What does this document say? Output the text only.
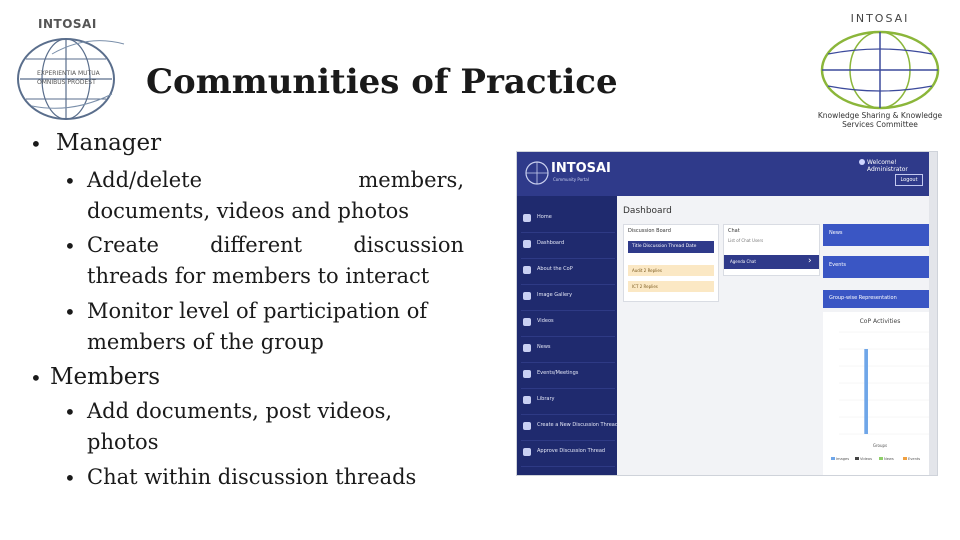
INTOSAI
EXPERIENTIA MUTUA
OMNIBUS PRODEST
INTOSAI
Knowledge Sharing & Knowledge
Services Committee
Communities of Practice
• Manager
• Add/delete	members,
documents, videos and photos
• Create different discussion
threads for members to interact
• Monitor level of participation of
members of the group
• Members
• Add documents, post videos,
photos
• Chat within discussion threads
INTOSAI
Community Portal
Welcome! Administrator
Logout
Home
Dashboard
About the CoP
Image Gallery
Videos
News
Events/Meetings
Library
Create a New Discussion Thread
Approve Discussion Thread
Dashboard
Discussion Board
Title Discussion Thread Date
Audit 2 Replies
ICT 2 Replies
Chat
List of Chat Users
Agenda Chat	›
News
Events
Group-wise Representation
CoP Activities
Groups
Images	Videos	News	Events
